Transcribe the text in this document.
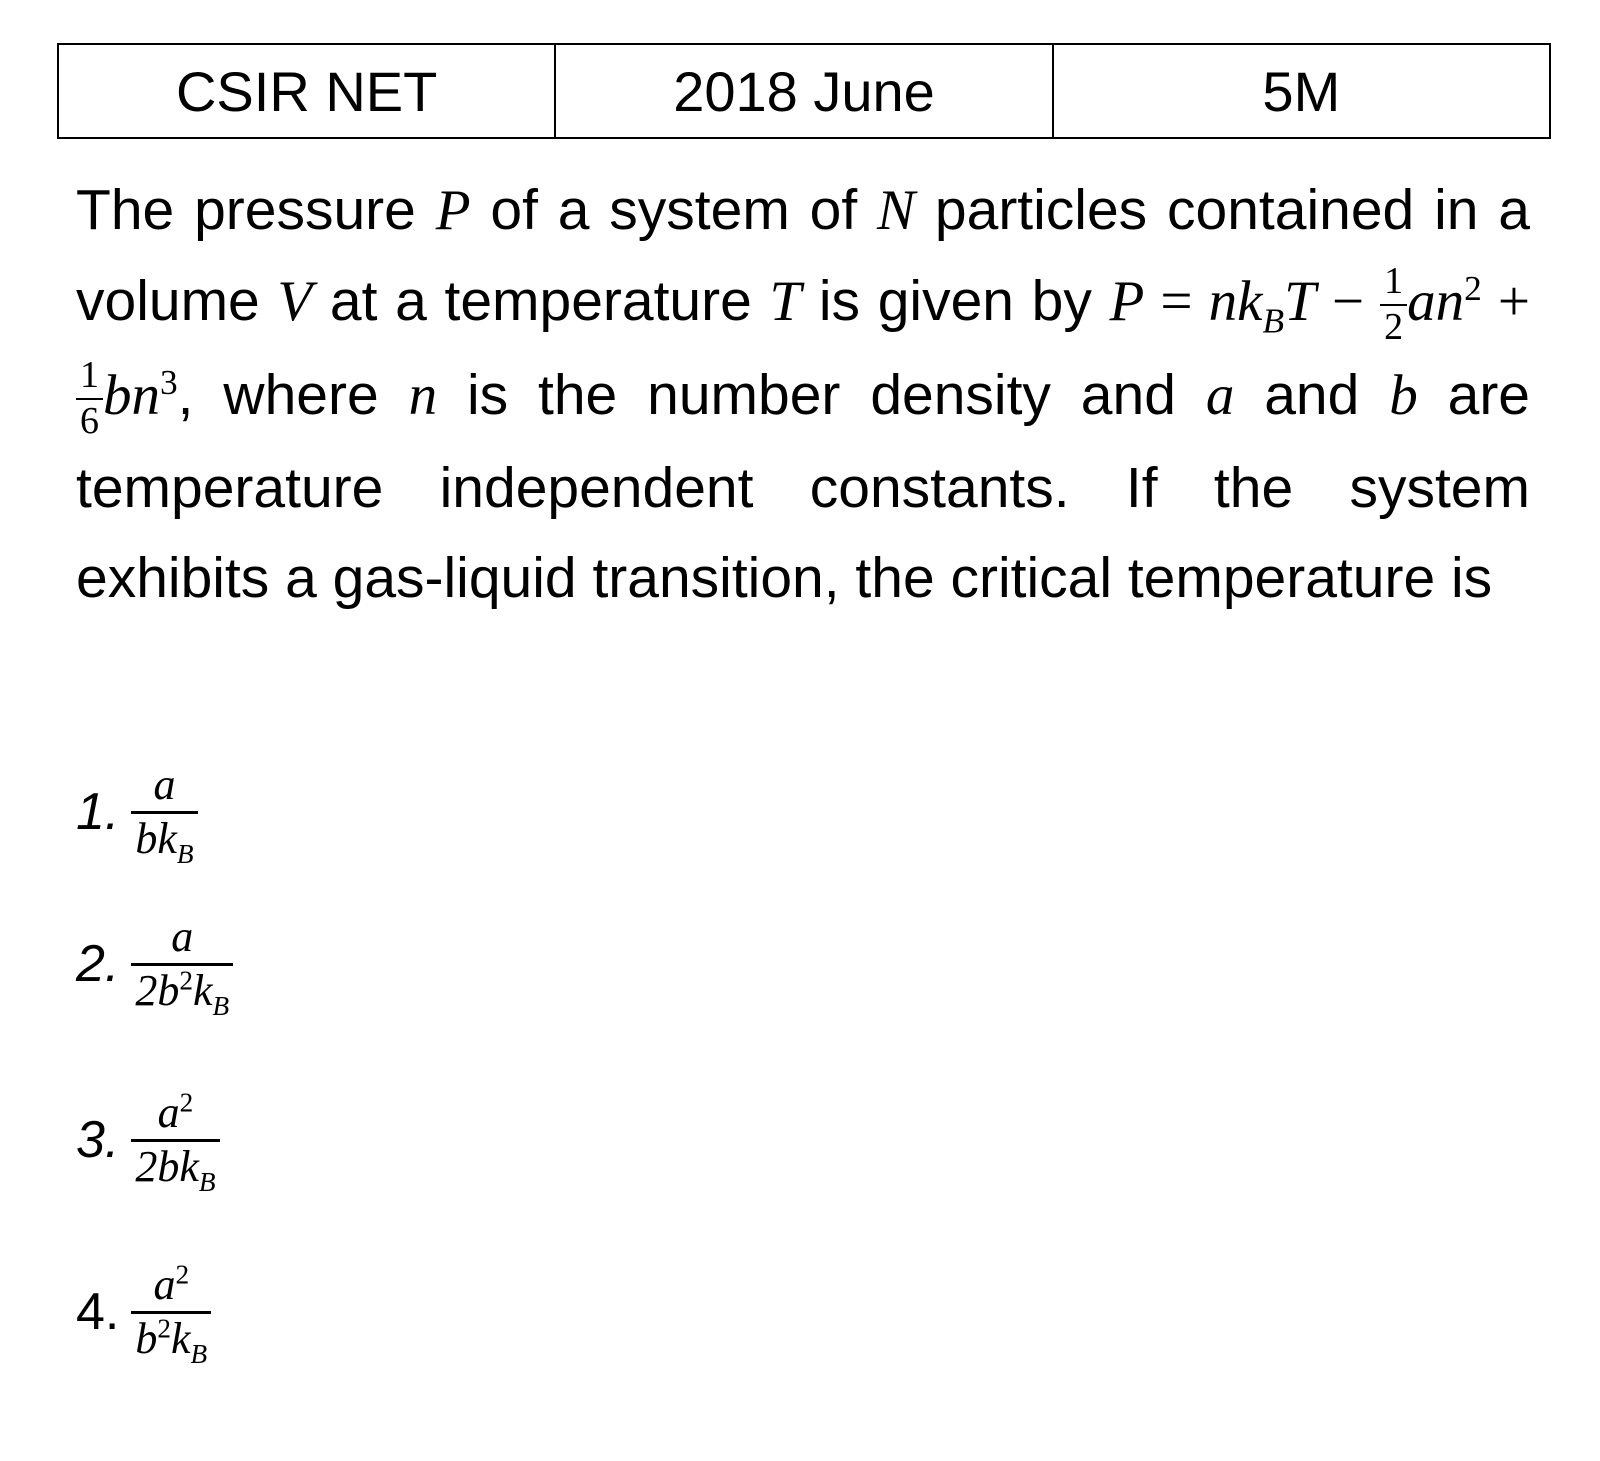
CSIR NET	2018 June	5M
The pressure P of a system of N particles contained in a volume V at a temperature T is given by $P = nk_BT - \frac{1}{2} an^2$ +
$\frac{1}{6} bn^3$, where n is the number density and a and b are temperature independent constants. If the system exhibits a gas-liquid transition, the critical temperature is
1. $\frac{a}{bk_B}$
2. $\frac{a}{2b^2k_B}$
3. $\frac{a^2}{2bk_B}$
4. $\frac{a^2}{b^2k_B}$
